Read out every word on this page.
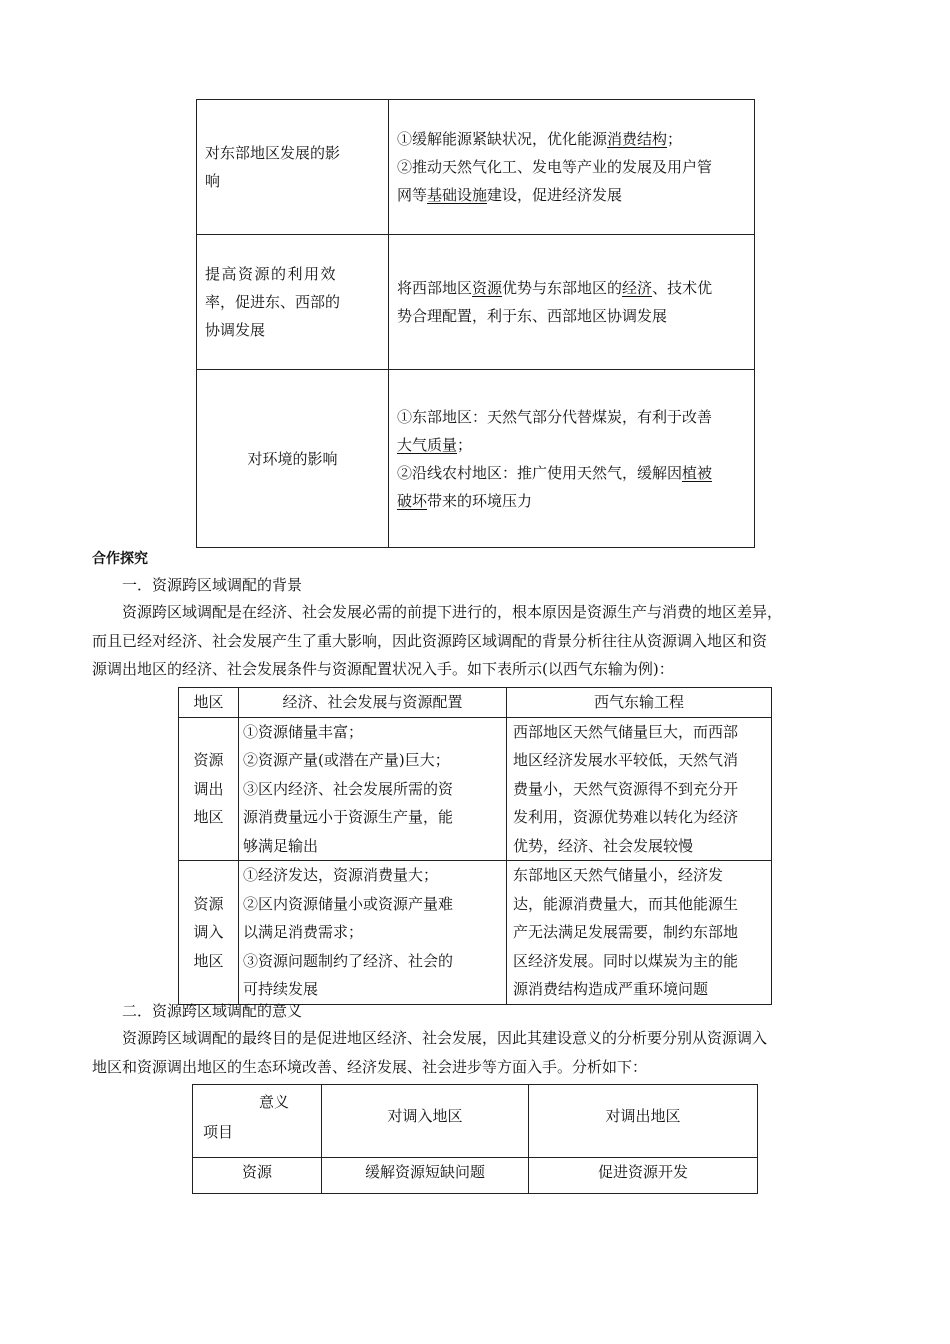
对东部地区发展的影
响	①缓解能源紧缺状况，优化能源消费结构；
②推动天然气化工、发电等产业的发展及用户管
网等基础设施建设，促进经济发展

提高资源的利用效
率，促进东、西部的
协调发展	将西部地区资源优势与东部地区的经济、技术优
势合理配置，利于东、西部地区协调发展

对环境的影响	①东部地区：天然气部分代替煤炭，有利于改善
大气质量；
②沿线农村地区：推广使用天然气，缓解因植被
破坏带来的环境压力
合作探究
一．资源跨区域调配的背景
资源跨区域调配是在经济、社会发展必需的前提下进行的，根本原因是资源生产与消费的地区差异，
而且已经对经济、社会发展产生了重大影响，因此资源跨区域调配的背景分析往往从资源调入地区和资
源调出地区的经济、社会发展条件与资源配置状况入手。如下表所示(以西气东输为例)：
地区	经济、社会发展与资源配置	西气东输工程

资源
调出
地区	①资源储量丰富；
②资源产量(或潜在产量)巨大；
③区内经济、社会发展所需的资
源消费量远小于资源生产量，能
够满足输出	西部地区天然气储量巨大，而西部
地区经济发展水平较低，天然气消
费量小，天然气资源得不到充分开
发利用，资源优势难以转化为经济
优势，经济、社会发展较慢

资源
调入
地区	①经济发达，资源消费量大；
②区内资源储量小或资源产量难
以满足消费需求；
③资源问题制约了经济、社会的
可持续发展	东部地区天然气储量小，经济发
达，能源消费量大，而其他能源生
产无法满足发展需要，制约东部地
区经济发展。同时以煤炭为主的能
源消费结构造成严重环境问题
二．资源跨区域调配的意义
资源跨区域调配的最终目的是促进地区经济、社会发展，因此其建设意义的分析要分别从资源调入
地区和资源调出地区的生态环境改善、经济发展、社会进步等方面入手。分析如下：
意义
项目	对调入地区	对调出地区
资源	缓解资源短缺问题	促进资源开发
